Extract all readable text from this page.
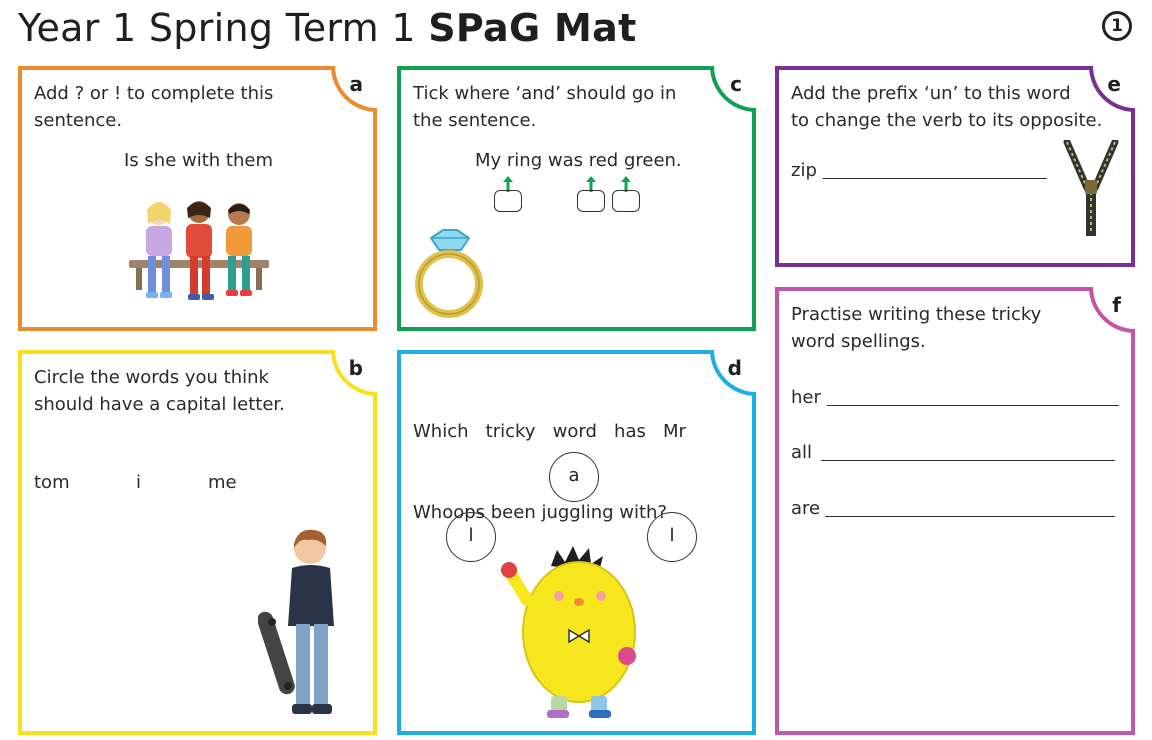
Year 1 Spring Term 1 SPaG Mat	1
a
Add ? or ! to complete this
sentence.
Is she with them
c
Tick where ‘and’ should go in
the sentence.
My ring was red green.
e
Add the prefix ‘un’ to this word
to change the verb to its opposite.
zip
b
Circle the words you think
should have a capital letter.
tom	i	me
d

Which   tricky   word   has   Mr

Whoops been juggling with?

a
l	l
f
Practise writing these tricky
word spellings.
her
all
are
